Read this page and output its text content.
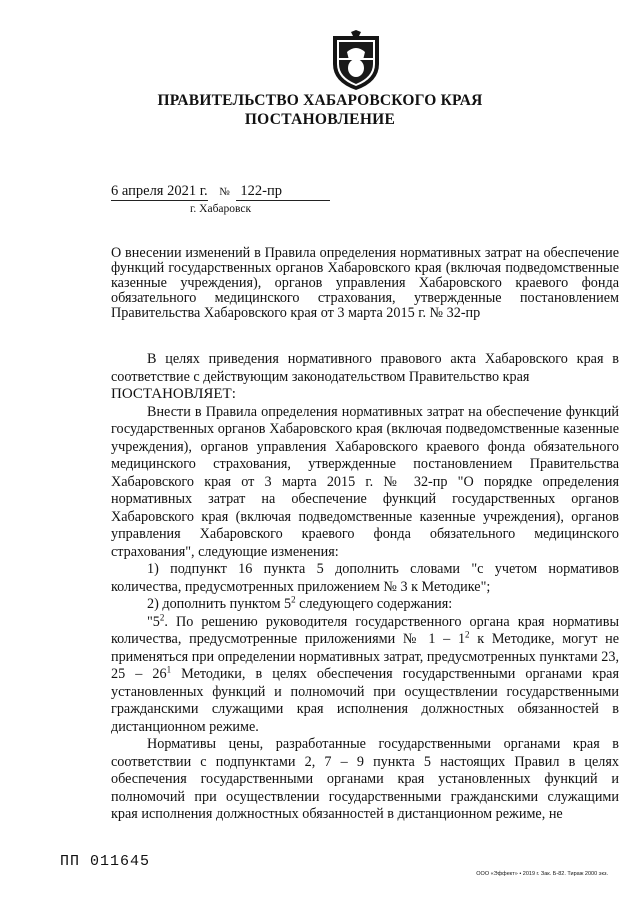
ПРАВИТЕЛЬСТВО ХАБАРОВСКОГО КРАЯ
ПОСТАНОВЛЕНИЕ
6 апреля 2021 г. № 122-пр
г. Хабаровск
О внесении изменений в Правила определения нормативных затрат на обеспечение функций государственных органов Хабаровского края (включая подведомственные казенные учреждения), органов управления Хабаровского краевого фонда обязательного медицинского страхования, утвержденные постановлением Правительства Хабаровского края от 3 марта 2015 г. № 32-пр

В целях приведения нормативного правового акта Хабаровского края в соответствие с действующим законодательством Правительство края

ПОСТАНОВЛЯЕТ:

Внести в Правила определения нормативных затрат на обеспечение функций государственных органов Хабаровского края (включая подведомственные казенные учреждения), органов управления Хабаровского краевого фонда обязательного медицинского страхования, утвержденные постановлением Правительства Хабаровского края от 3 марта 2015 г. № 32-пр "О порядке определения нормативных затрат на обеспечение функций государственных органов Хабаровского края (включая подведомственные казенные учреждения), органов управления Хабаровского краевого фонда обязательного медицинского страхования", следующие изменения:

1) подпункт 16 пункта 5 дополнить словами "с учетом нормативов количества, предусмотренных приложением № 3 к Методике";

2) дополнить пунктом $5^2$ следующего содержания:

"$5^2$. По решению руководителя государственного органа края нормативы количества, предусмотренные приложениями № $1 - 1^2$ к Методике, могут не применяться при определении нормативных затрат, предусмотренных пунктами 23, $25 - 26^1$ Методики, в целях обеспечения государственными органами края установленных функций и полномочий при осуществлении государственными гражданскими служащими края исполнения должностных обязанностей в дистанционном режиме.

Нормативы цены, разработанные государственными органами края в соответствии с подпунктами 2, 7 – 9 пункта 5 настоящих Правил в целях обеспечения государственными органами края установленных функций и полномочий при осуществлении государственными гражданскими служащими края исполнения должностных обязанностей в дистанционном режиме, не

ПП 011645
ООО «Эффект» • 2019 г. Зак. Б-82. Тираж 2000 экз.
